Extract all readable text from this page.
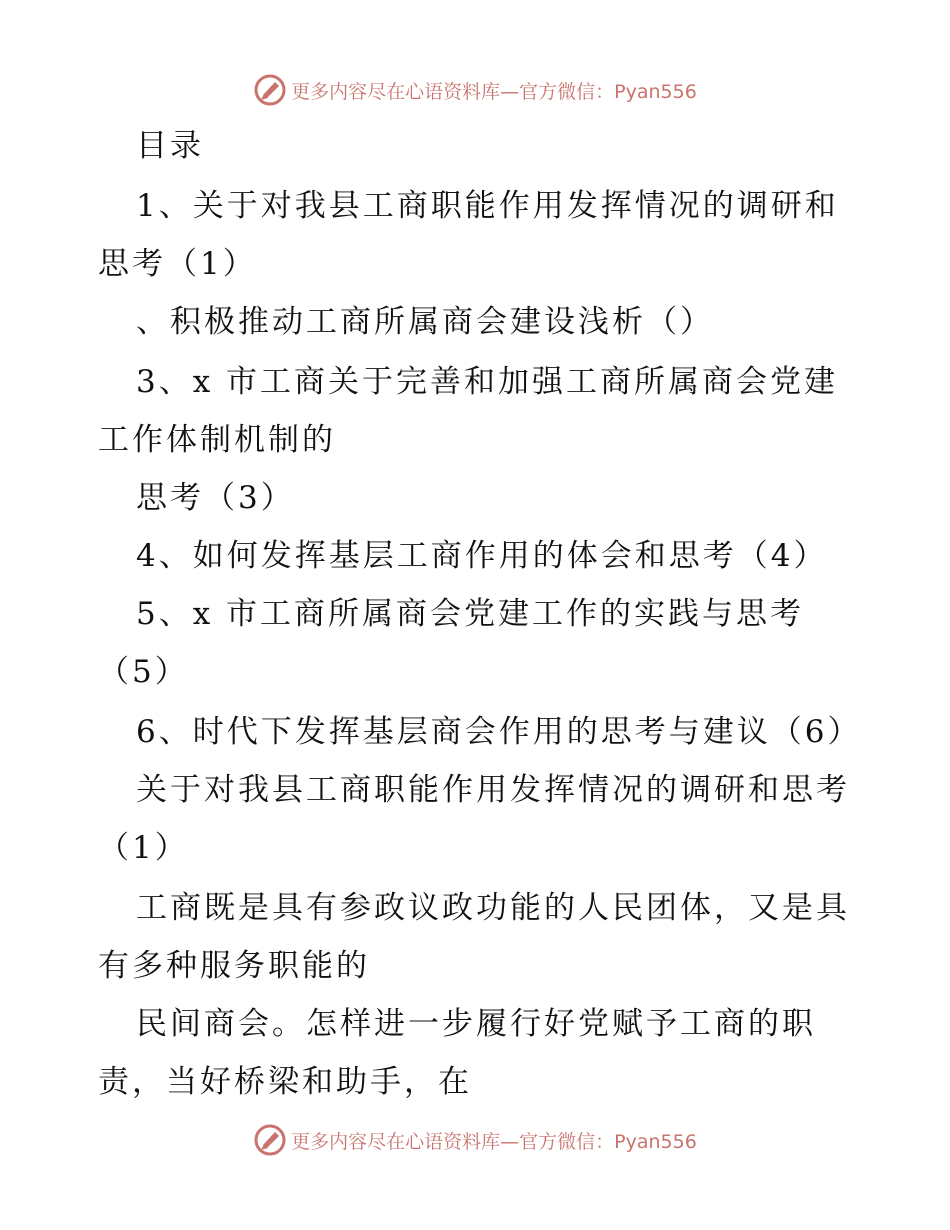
更多内容尽在心语资料库—官方微信：Pyan556
目录
1、关于对我县工商职能作用发挥情况的调研和
思考（1）
、积极推动工商所属商会建设浅析（）
3、x 市工商关于完善和加强工商所属商会党建
工作体制机制的
思考（3）
4、如何发挥基层工商作用的体会和思考（4）
5、x 市工商所属商会党建工作的实践与思考
（5）
6、时代下发挥基层商会作用的思考与建议（6）
关于对我县工商职能作用发挥情况的调研和思考
（1）
工商既是具有参政议政功能的人民团体，又是具
有多种服务职能的
民间商会。怎样进一步履行好党赋予工商的职
责，当好桥梁和助手，在
更多内容尽在心语资料库—官方微信：Pyan556
